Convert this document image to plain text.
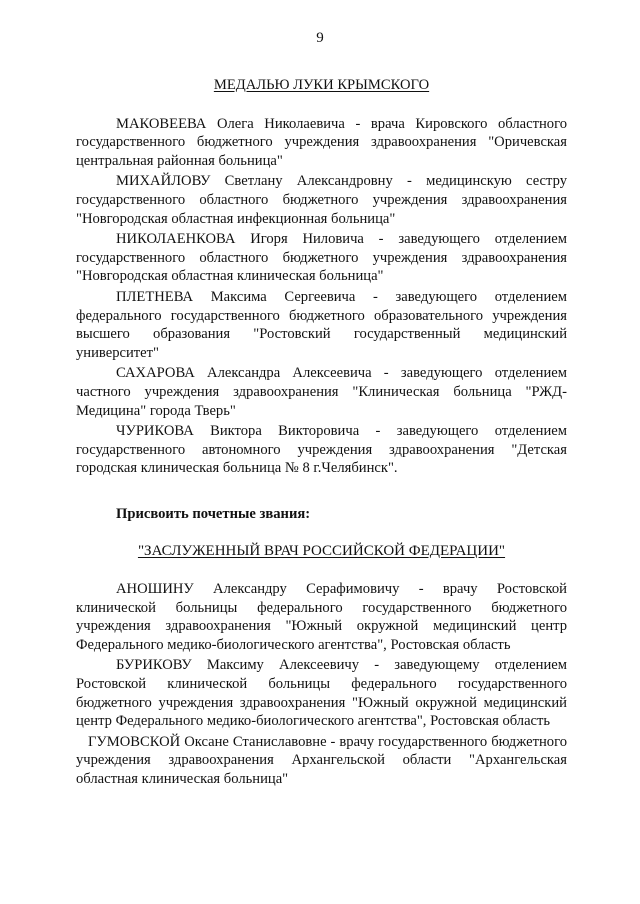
9

МЕДАЛЬЮ ЛУКИ КРЫМСКОГО

МАКОВЕЕВА Олега Николаевича - врача Кировского областного государственного бюджетного учреждения здравоохранения "Оричевская центральная районная больница"

МИХАЙЛОВУ Светлану Александровну - медицинскую сестру государственного областного бюджетного учреждения здравоохранения "Новгородская областная инфекционная больница"

НИКОЛАЕНКОВА Игоря Ниловича - заведующего отделением государственного областного бюджетного учреждения здравоохранения "Новгородская областная клиническая больница"

ПЛЕТНЕВА Максима Сергеевича - заведующего отделением федерального государственного бюджетного образовательного учреждения высшего образования "Ростовский государственный медицинский университет"

САХАРОВА Александра Алексеевича - заведующего отделением частного учреждения здравоохранения "Клиническая больница "РЖД-Медицина" города Тверь"

ЧУРИКОВА Виктора Викторовича - заведующего отделением государственного автономного учреждения здравоохранения "Детская городская клиническая больница № 8 г.Челябинск".

Присвоить почетные звания:

"ЗАСЛУЖЕННЫЙ ВРАЧ РОССИЙСКОЙ ФЕДЕРАЦИИ"

АНОШИНУ Александру Серафимовичу - врачу Ростовской клинической больницы федерального государственного бюджетного учреждения здравоохранения "Южный окружной медицинский центр Федерального медико-биологического агентства", Ростовская область

БУРИКОВУ Максиму Алексеевичу - заведующему отделением Ростовской клинической больницы федерального государственного бюджетного учреждения здравоохранения "Южный окружной медицинский центр Федерального медико-биологического агентства", Ростовская область

ГУМОВСКОЙ Оксане Станиславовне - врачу государственного бюджетного учреждения здравоохранения Архангельской области "Архангельская областная клиническая больница"
